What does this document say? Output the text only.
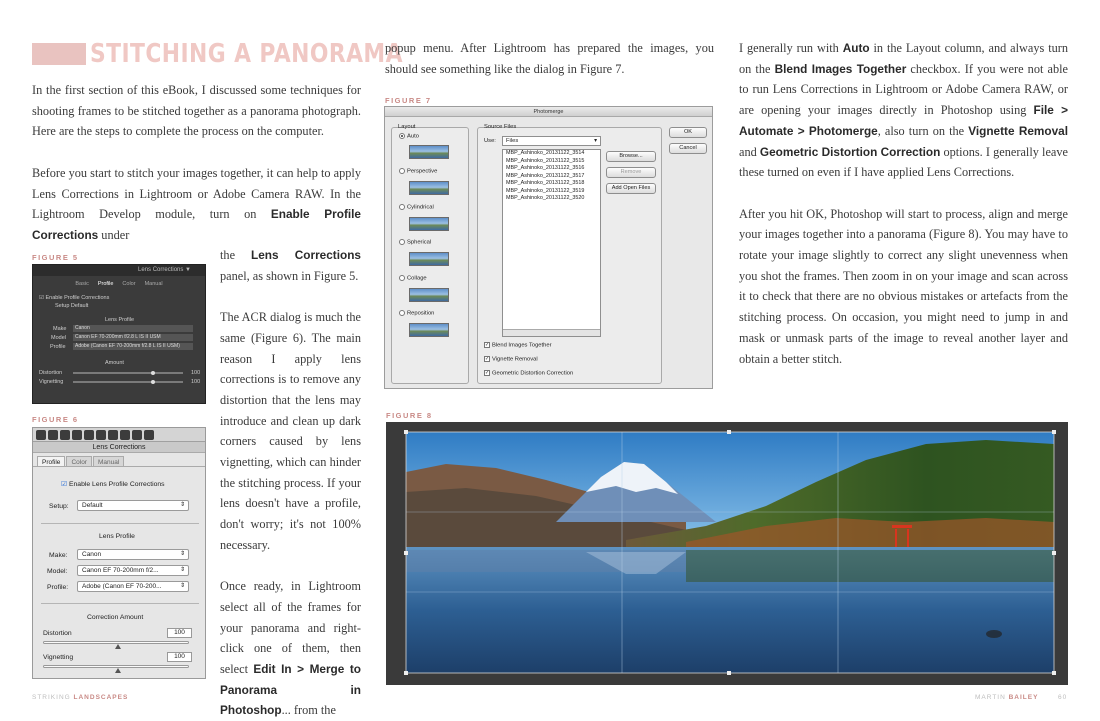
STITCHING A PANORAMA

In the first section of this eBook, I discussed some techniques for shooting frames to be stitched together as a panorama photograph. Here are the steps to complete the process on the computer.

Before you start to stitch your images together, it can help to apply Lens Corrections in Lightroom or Adobe Camera RAW. In the Lightroom Develop module, turn on Enable Profile Corrections under

FIGURE 5
Lens Corrections ▼
Basic Profile Color Manual
☑ Enable Profile Corrections
Setup Default
Lens Profile
Make	Canon
Model	Canon EF 70-200mm f/2.8 L IS II USM
Profile	Adobe (Canon EF 70-200mm f/2.8 L IS II USM)
Amount
Distortion	100
Vignetting	100
FIGURE 6
Lens Corrections
Profile	Color	Manual
☑ Enable Lens Profile Corrections
Setup:	Default ⇕
Lens Profile
Make:	Canon ⇕
Model:	Canon EF 70-200mm f/2... ⇕
Profile:	Adobe (Canon EF 70-200... ⇕
Correction Amount
Distortion	100
Vignetting	100

the Lens Corrections panel, as shown in Figure 5.

The ACR dialog is much the same (Figure 6). The main reason I apply lens corrections is to remove any distortion that the lens may introduce and clean up dark corners caused by lens vignetting, which can hinder the stitching process. If your lens doesn't have a profile, don't worry; it's not 100% necessary.

Once ready, in Lightroom select all of the frames for your panorama and right-click one of them, then select Edit In > Merge to Panorama in Photoshop... from the

popup menu. After Lightroom has prepared the images, you should see something like the dialog in Figure 7.

FIGURE 7
Photomerge
Layout
Auto
Perspective
Cylindrical
Spherical
Collage
Reposition
Source Files
Use:	Files	▾
MBP_Ashinoko_20131122_3514
MBP_Ashinoko_20131122_3515
MBP_Ashinoko_20131122_3516
MBP_Ashinoko_20131122_3517
MBP_Ashinoko_20131122_3518
MBP_Ashinoko_20131122_3519
MBP_Ashinoko_20131122_3520
Browse...
Remove
Add Open Files
OK
Cancel
✓ Blend Images Together
✓ Vignette Removal
✓ Geometric Distortion Correction

I generally run with Auto in the Layout column, and always turn on the Blend Images Together checkbox. If you were not able to run Lens Corrections in Lightroom or Adobe Camera RAW, or are opening your images directly in Photoshop using File > Automate > Photomerge, also turn on the Vignette Removal and Geometric Distortion Correction options. I generally leave these turned on even if I have applied Lens Corrections.

After you hit OK, Photoshop will start to process, align and merge your images together into a panorama (Figure 8). You may have to rotate your image slightly to correct any slight unevenness when you shot the frames. Then zoom in on your image and scan across it to check that there are no obvious mistakes or artefacts from the stitching process. On occasion, you might need to jump in and mask or unmask parts of the image to reveal another layer and obtain a better stitch.

FIGURE 8
STRIKING LANDSCAPES	MARTIN BAILEY	60
